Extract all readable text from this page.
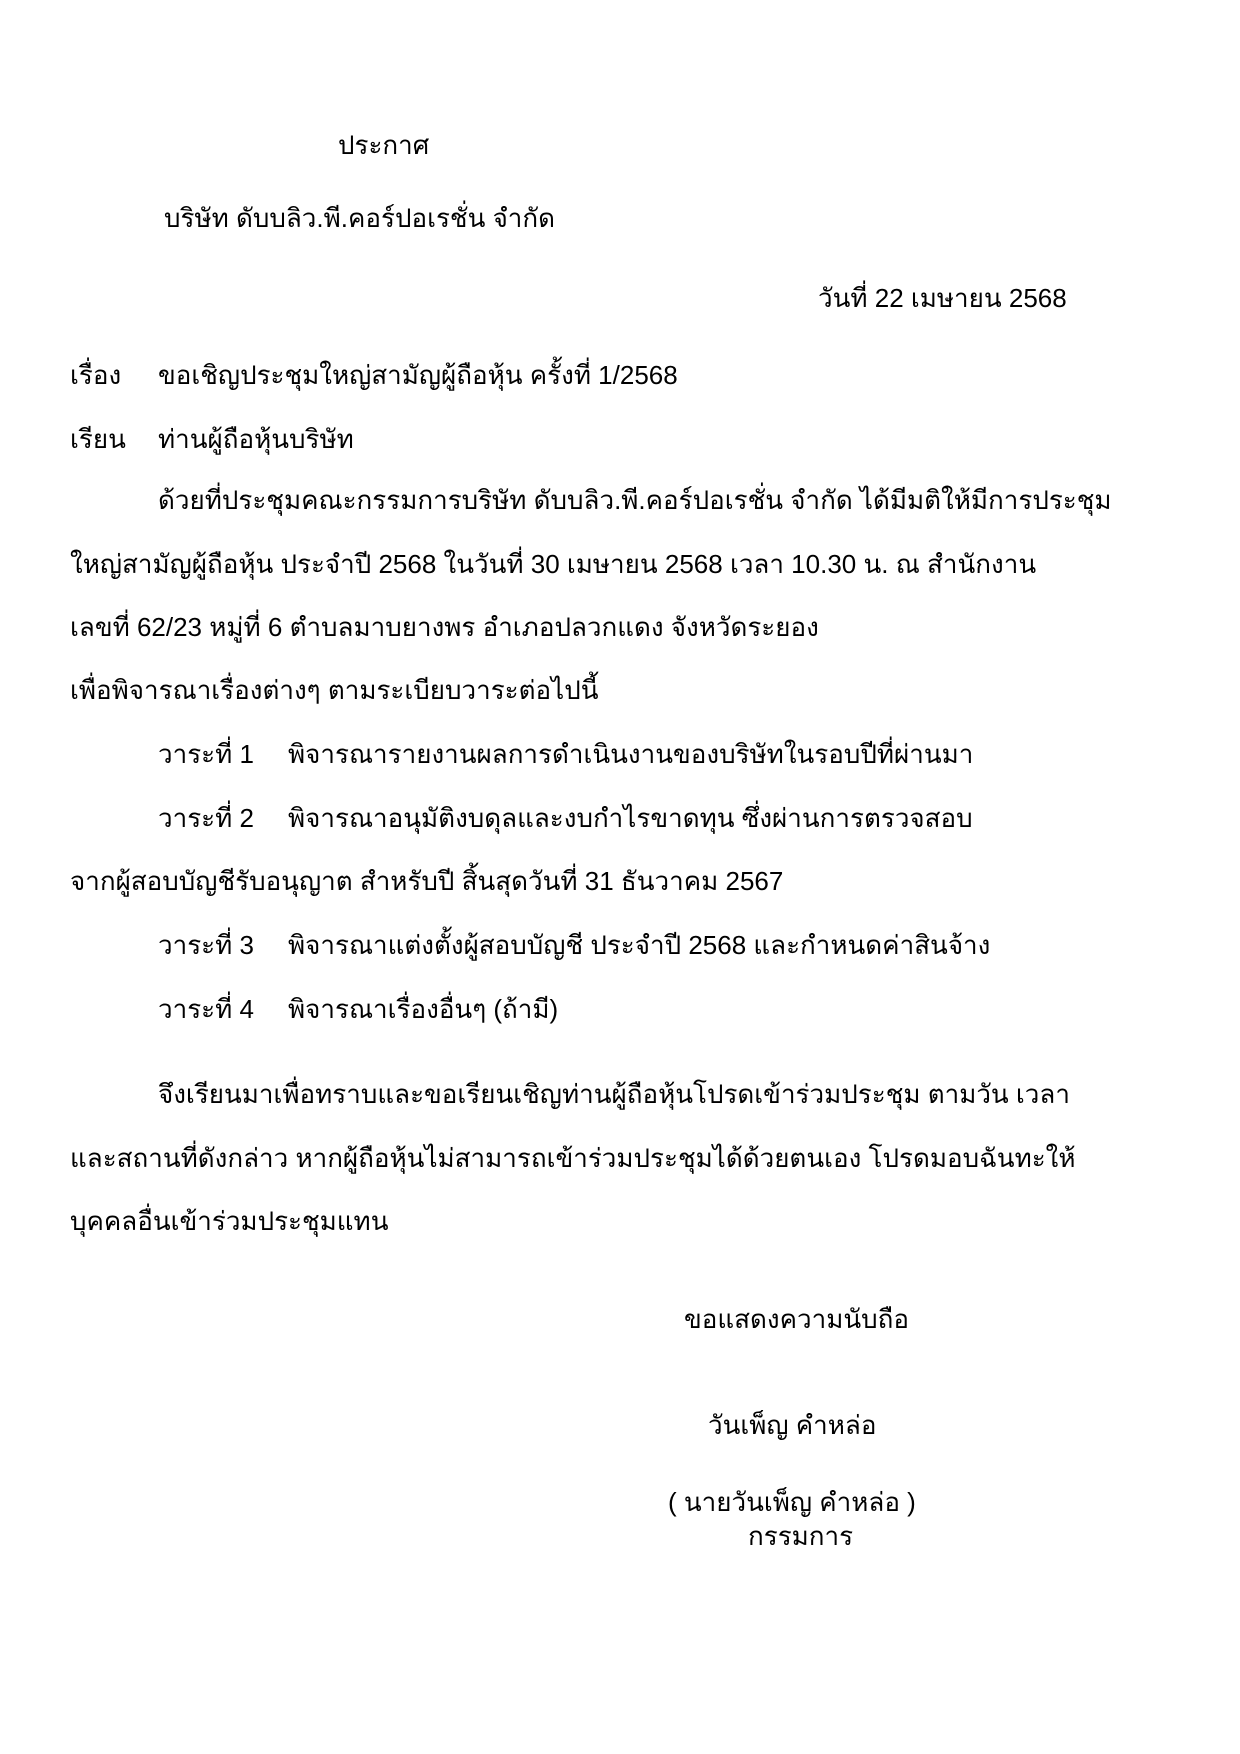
ประกาศ
บริษัท ดับบลิว.พี.คอร์ปอเรชั่น จำกัด
วันที่ 22 เมษายน 2568
เรื่อง ขอเชิญประชุมใหญ่สามัญผู้ถือหุ้น ครั้งที่ 1/2568
เรียน ท่านผู้ถือหุ้นบริษัท
ด้วยที่ประชุมคณะกรรมการบริษัท ดับบลิว.พี.คอร์ปอเรชั่น จำกัด ได้มีมติให้มีการประชุม
ใหญ่สามัญผู้ถือหุ้น ประจำปี 2568 ในวันที่ 30 เมษายน 2568 เวลา 10.30 น. ณ สำนักงาน
เลขที่ 62/23 หมู่ที่ 6 ตำบลมาบยางพร อำเภอปลวกแดง จังหวัดระยอง
เพื่อพิจารณาเรื่องต่างๆ ตามระเบียบวาระต่อไปนี้
วาระที่ 1 พิจารณารายงานผลการดำเนินงานของบริษัทในรอบปีที่ผ่านมา
วาระที่ 2 พิจารณาอนุมัติงบดุลและงบกำไรขาดทุน ซึ่งผ่านการตรวจสอบ
จากผู้สอบบัญชีรับอนุญาต สำหรับปี สิ้นสุดวันที่ 31 ธันวาคม 2567
วาระที่ 3 พิจารณาแต่งตั้งผู้สอบบัญชี ประจำปี 2568 และกำหนดค่าสินจ้าง
วาระที่ 4 พิจารณาเรื่องอื่นๆ (ถ้ามี)
จึงเรียนมาเพื่อทราบและขอเรียนเชิญท่านผู้ถือหุ้นโปรดเข้าร่วมประชุม ตามวัน เวลา
และสถานที่ดังกล่าว หากผู้ถือหุ้นไม่สามารถเข้าร่วมประชุมได้ด้วยตนเอง โปรดมอบฉันทะให้
บุคคลอื่นเข้าร่วมประชุมแทน
ขอแสดงความนับถือ
วันเพ็ญ คำหล่อ
( นายวันเพ็ญ คำหล่อ )
กรรมการ
